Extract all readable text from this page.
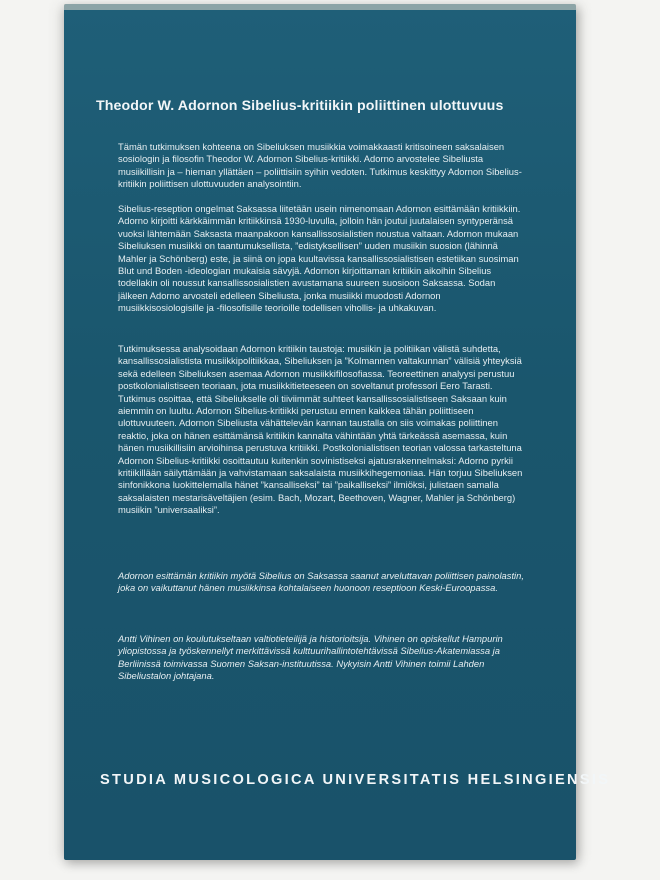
Theodor W. Adornon Sibelius-kritiikin poliittinen ulottuvuus
Tämän tutkimuksen kohteena on Sibeliuksen musiikkia voimakkaasti kritisoineen saksalaisen sosiologin ja filosofin Theodor W. Adornon Sibelius-kritiikki. Adorno arvostelee Sibeliusta musiikillisin ja – hieman yllättäen – poliittisiin syihin vedoten. Tutkimus keskittyy Adornon Sibelius-kritiikin poliittisen ulottuvuuden analysointiin.
Sibelius-reseption ongelmat Saksassa liitetään usein nimenomaan Adornon esittämään kritiikkiin. Adorno kirjoitti kärkkäimmän kritiikkinsä 1930-luvulla, jolloin hän joutui juutalaisen syntyperänsä vuoksi lähtemään Saksasta maanpakoon kansallissosialistien noustua valtaan. Adornon mukaan Sibeliuksen musiikki on taantumuksellista, ”edistyksellisen” uuden musiikin suosion (lähinnä Mahler ja Schönberg) este, ja siinä on jopa kuultavissa kansallissosialistisen estetiikan suosiman Blut und Boden -ideologian mukaisia sävyjä. Adornon kirjoittaman kritiikin aikoihin Sibelius todellakin oli noussut kansallissosialistien avustamana suureen suosioon Saksassa. Sodan jälkeen Adorno arvosteli edelleen Sibeliusta, jonka musiikki muodosti Adornon musiikkisosiologisille ja -filosofisille teorioille todellisen vihollis- ja uhkakuvan.
Tutkimuksessa analysoidaan Adornon kritiikin taustoja: musiikin ja politiikan välistä suhdetta, kansallissosialistista musiikkipolitiikkaa, Sibeliuksen ja ”Kolmannen valtakunnan” välisiä yhteyksiä sekä edelleen Sibeliuksen asemaa Adornon musiikkifilosofiassa. Teoreettinen analyysi perustuu postkolonialistiseen teoriaan, jota musiikkitieteeseen on soveltanut professori Eero Tarasti. Tutkimus osoittaa, että Sibeliukselle oli tiiviimmät suhteet kansallissosialistiseen Saksaan kuin aiemmin on luultu. Adornon Sibelius-kritiikki perustuu ennen kaikkea tähän poliittiseen ulottuvuuteen. Adornon Sibeliusta vähättelevän kannan taustalla on siis voimakas poliittinen reaktio, joka on hänen esittämänsä kritiikin kannalta vähintään yhtä tärkeässä asemassa, kuin hänen musiikillisiin arvioihinsa perustuva kritiikki. Postkolonialistisen teorian valossa tarkasteltuna Adornon Sibelius-kritiikki osoittautuu kuitenkin sovinistiseksi ajatusrakennelmaksi: Adorno pyrkii kritiikillään säilyttämään ja vahvistamaan saksalaista musiikkihegemoniaa. Hän torjuu Sibeliuksen sinfonikkona luokittelemalla hänet ”kansalliseksi” tai ”paikalliseksi” ilmiöksi, julistaen samalla saksalaisten mestarisäveltäjien (esim. Bach, Mozart, Beethoven, Wagner, Mahler ja Schönberg) musiikin ”universaaliksi”.
Adornon esittämän kritiikin myötä Sibelius on Saksassa saanut arveluttavan poliittisen painolastin, joka on vaikuttanut hänen musiikkinsa kohtalaiseen huonoon reseptioon Keski-Euroopassa.
Antti Vihinen on koulutukseltaan valtiotieteilijä ja historioitsija. Vihinen on opiskellut Hampurin yliopistossa ja työskennellyt merkittävissä kulttuurihallintotehtävissä Sibelius-Akatemiassa ja Berliinissä toimivassa Suomen Saksan-instituutissa. Nykyisin Antti Vihinen toimii Lahden Sibeliustalon johtajana.
STUDIA MUSICOLOGICA UNIVERSITATIS HELSINGIENSIS
